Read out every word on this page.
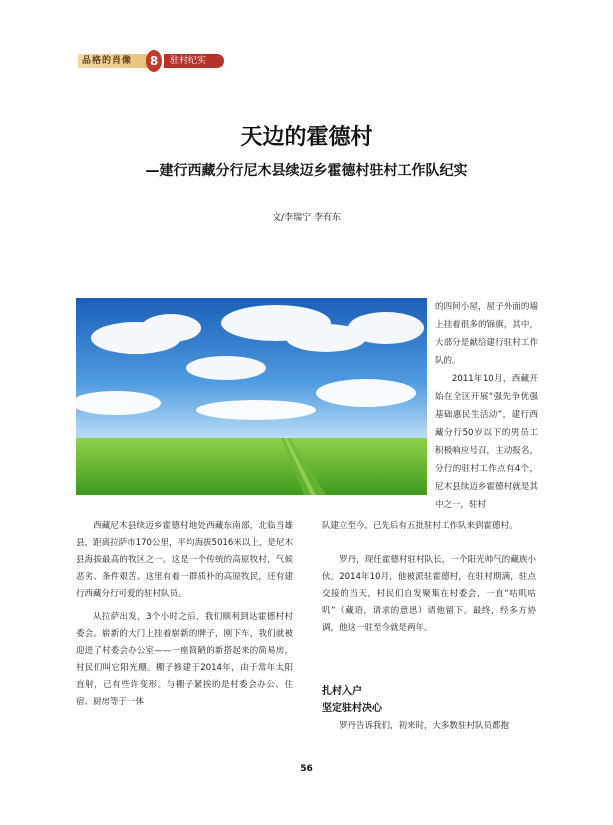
品格的肖像	8	驻村纪实
天边的霍德村
—建行西藏分行尼木县续迈乡霍德村驻村工作队纪实
文/李瑞宁 李有东

的四间小屋，屋子外面的墙上挂着很多的锦旗，其中，大部分是献给建行驻村工作队的。

2011年10月，西藏开始在全区开展“强先争优强基础惠民生活动”，建行西藏分行50岁以下的男员工积极响应号召，主动报名，分行的驻村工作点有4个，尼木县续迈乡霍德村就是其中之一，驻村

西藏尼木县续迈乡霍德村地处西藏东南部，北临当雄县，距离拉萨市170公里，平均海拔5016米以上，是尼木县海拔最高的牧区之一。这是一个传统的高原牧村，气候恶劣、条件艰苦。这里有着一群质朴的高原牧民，还有建行西藏分行可爱的驻村队员。

从拉萨出发，3个小时之后，我们顺利到达霍德村村委会。崭新的大门上挂着崭新的牌子，刚下车，我们就被迎进了村委会办公室——一座简陋的新搭起来的简易房，村民们叫它阳光棚。棚子修建于2014年，由于常年太阳直射，已有些许变形。与棚子紧挨的是村委会办公、住宿、厨房等于一体

队建立至今，已先后有五批驻村工作队来到霍德村。

罗丹，现任霍德村驻村队长，一个阳光帅气的藏族小伙。2014年10月，他被派驻霍德村，在驻村期满，驻点交接的当天，村民们自发聚集在村委会，一直“咕叽咕叽”（藏语，请求的意思）请他留下。最终，经多方协调，他这一驻至今就是两年。

扎村入户
坚定驻村决心

罗丹告诉我们，初来时，大多数驻村队员都抱

56
